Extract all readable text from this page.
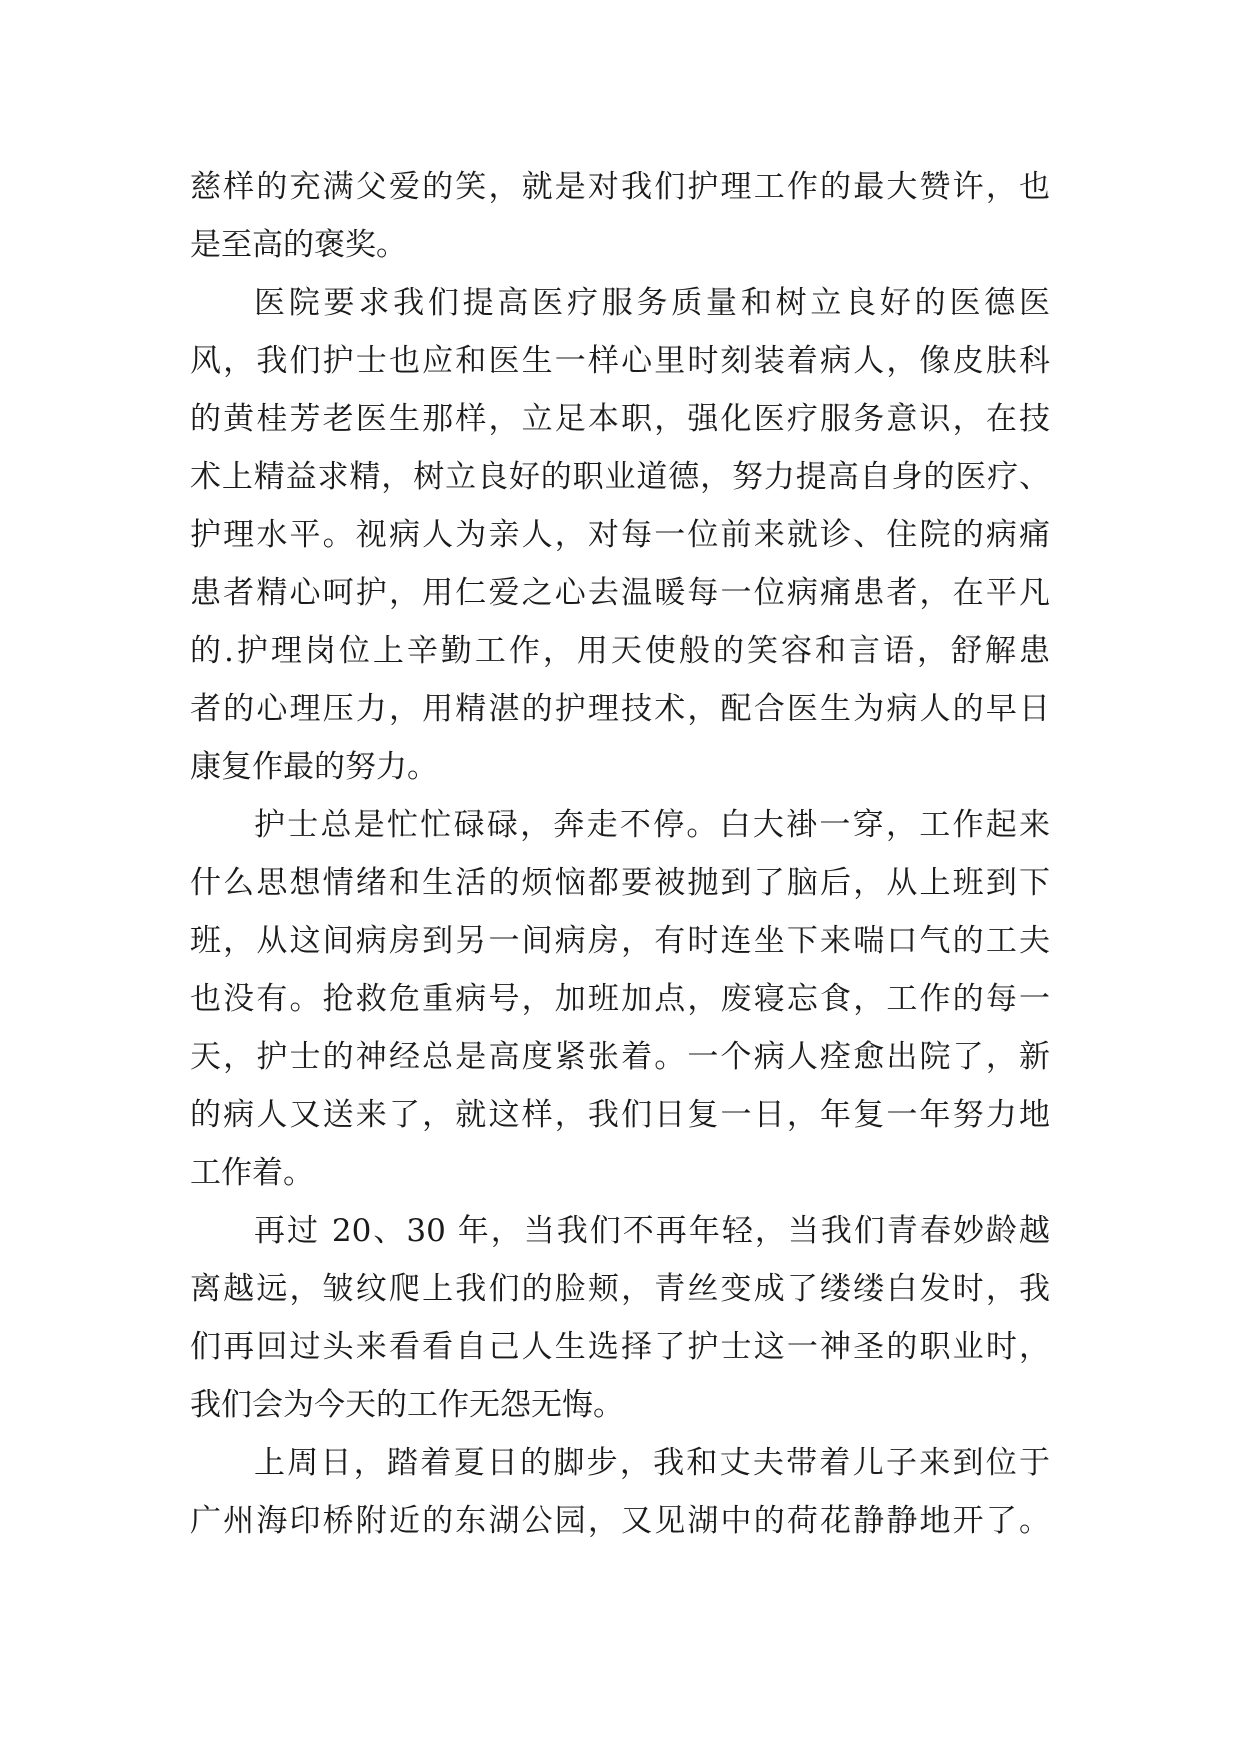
慈样的充满父爱的笑，就是对我们护理工作的最大赞许，也
是至高的褒奖。
医院要求我们提高医疗服务质量和树立良好的医德医
风，我们护士也应和医生一样心里时刻装着病人，像皮肤科
的黄桂芳老医生那样，立足本职，强化医疗服务意识，在技
术上精益求精，树立良好的职业道德，努力提高自身的医疗、
护理水平。视病人为亲人，对每一位前来就诊、住院的病痛
患者精心呵护，用仁爱之心去温暖每一位病痛患者，在平凡
的.护理岗位上辛勤工作，用天使般的笑容和言语，舒解患
者的心理压力，用精湛的护理技术，配合医生为病人的早日
康复作最的努力。
护士总是忙忙碌碌，奔走不停。白大褂一穿，工作起来
什么思想情绪和生活的烦恼都要被抛到了脑后，从上班到下
班，从这间病房到另一间病房，有时连坐下来喘口气的工夫
也没有。抢救危重病号，加班加点，废寝忘食，工作的每一
天，护士的神经总是高度紧张着。一个病人痊愈出院了，新
的病人又送来了，就这样，我们日复一日，年复一年努力地
工作着。
再过 20、30 年，当我们不再年轻，当我们青春妙龄越
离越远，皱纹爬上我们的脸颊，青丝变成了缕缕白发时，我
们再回过头来看看自己人生选择了护士这一神圣的职业时，
我们会为今天的工作无怨无悔。
上周日，踏着夏日的脚步，我和丈夫带着儿子来到位于
广州海印桥附近的东湖公园，又见湖中的荷花静静地开了。
